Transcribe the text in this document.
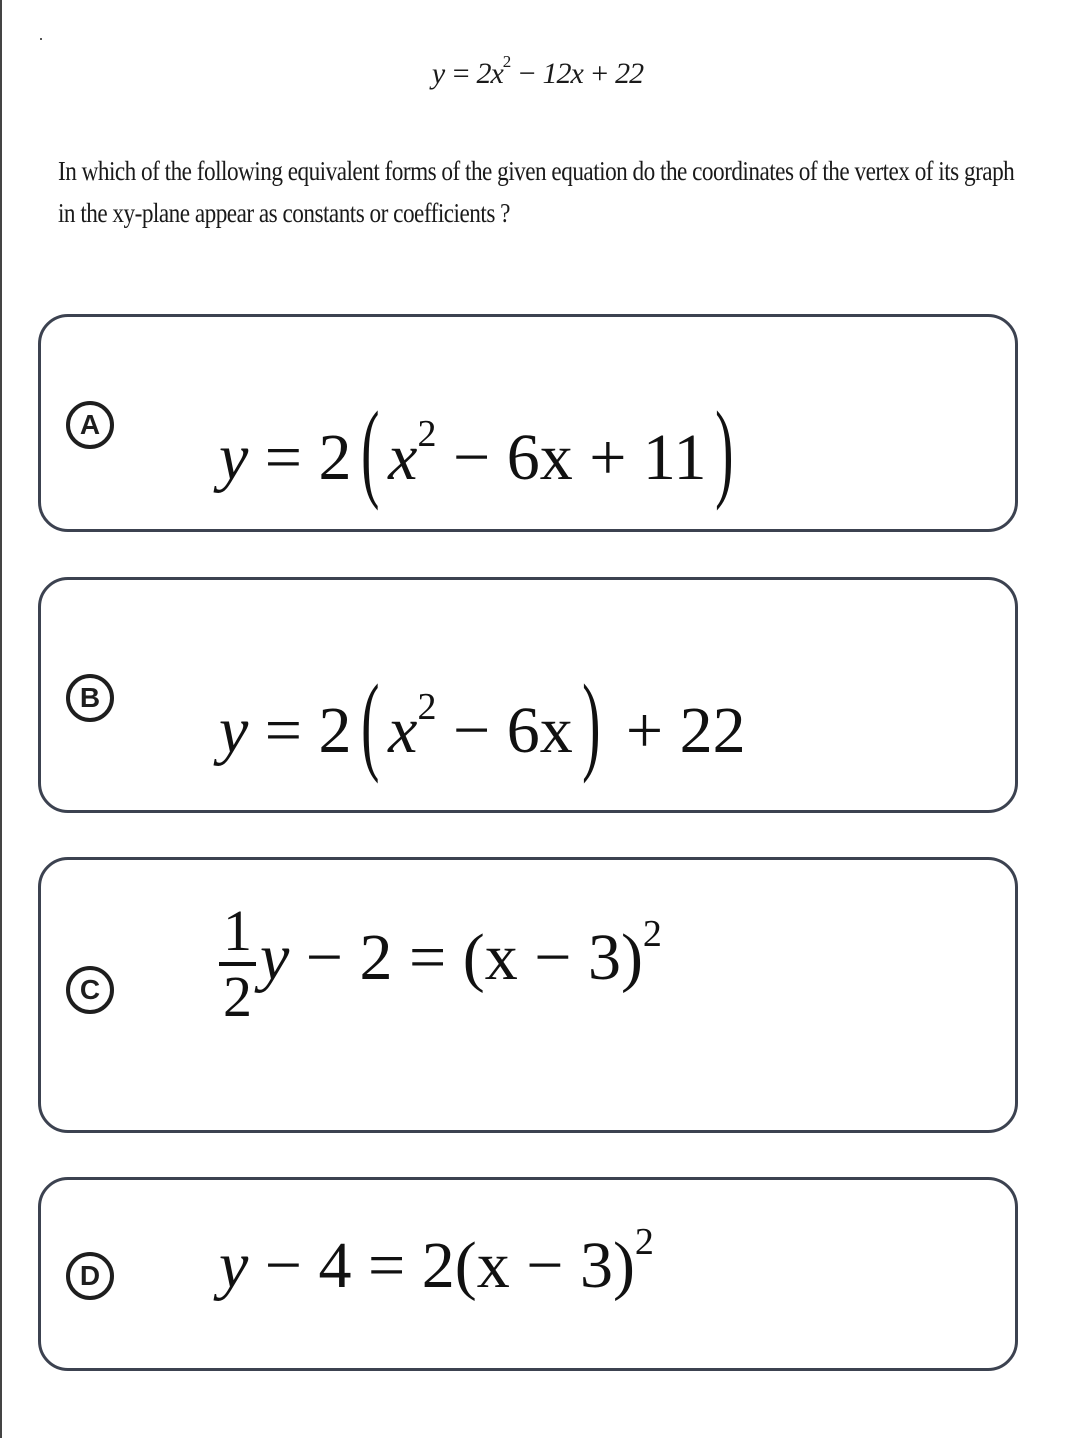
$y = 2x^2 - 12x + 22$
In which of the following equivalent forms of the given equation do the coordinates of the vertex of its graph
in the xy-plane appear as constants or coefficients ?
A y = 2( $x^2 - 6x + 11$)
B y = 2( $x^2 - 6x) + 22$
C $\frac{1}{2}$ $y - 2 = (x - 3)^2$
D $y - 4 = 2(x - 3)^2$
